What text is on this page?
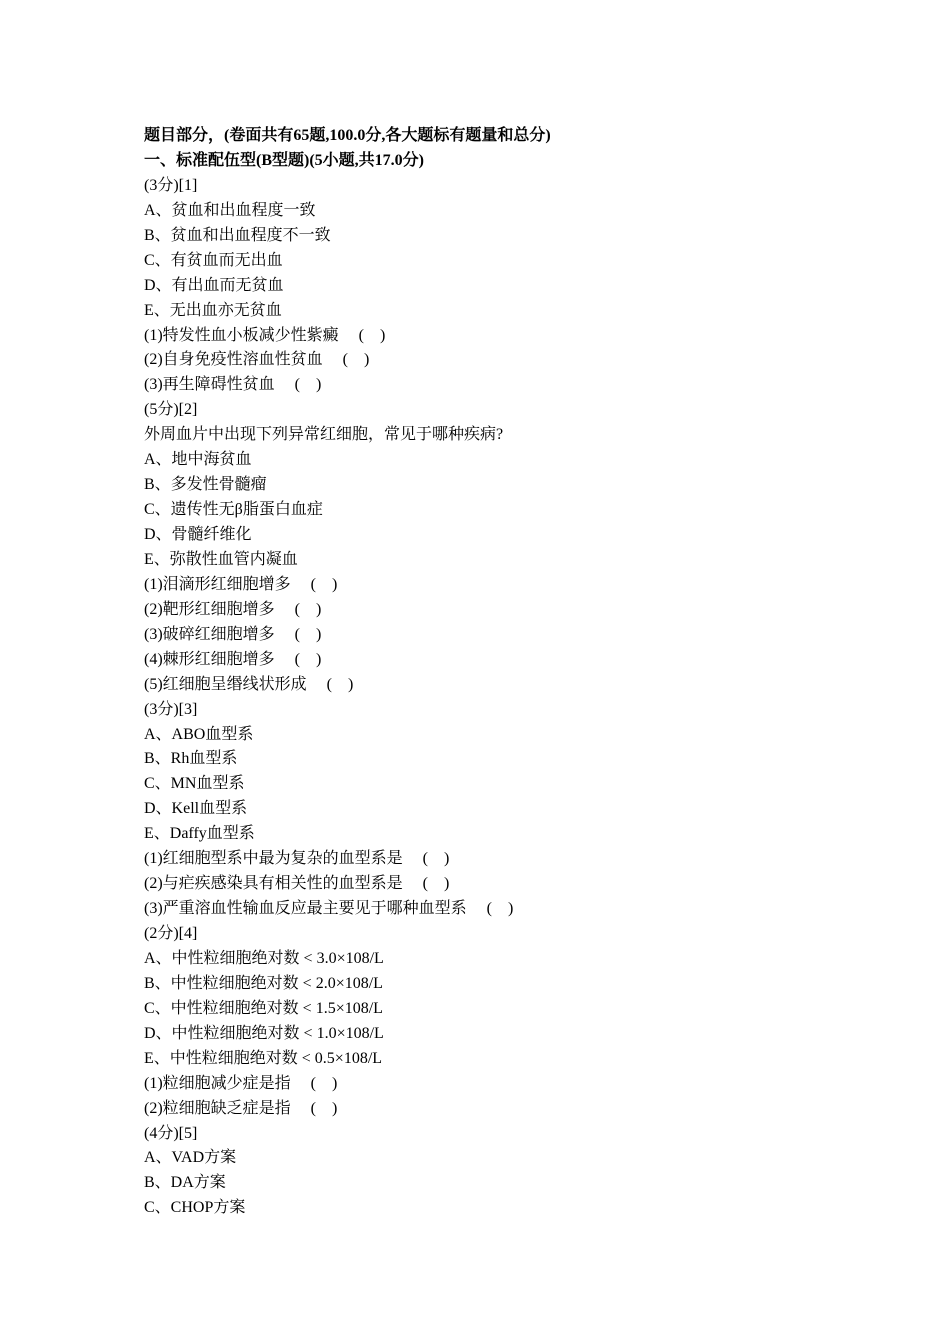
题目部分，(卷面共有65题,100.0分,各大题标有题量和总分)
一、标准配伍型(B型题)(5小题,共17.0分)
(3分)[1]
A、贫血和出血程度一致
B、贫血和出血程度不一致
C、有贫血而无出血
D、有出血而无贫血
E、无出血亦无贫血
(1)特发性血小板减少性紫癜　 (　)
(2)自身免疫性溶血性贫血　 (　)
(3)再生障碍性贫血　 (　)
(5分)[2]
外周血片中出现下列异常红细胞，常见于哪种疾病?
A、地中海贫血
B、多发性骨髓瘤
C、遗传性无β脂蛋白血症
D、骨髓纤维化
E、弥散性血管内凝血
(1)泪滴形红细胞增多　 (　)
(2)靶形红细胞增多　 (　)
(3)破碎红细胞增多　 (　)
(4)棘形红细胞增多　 (　)
(5)红细胞呈缗线状形成　 (　)
(3分)[3]
A、ABO血型系
B、Rh血型系
C、MN血型系
D、Kell血型系
E、Daffy血型系
(1)红细胞型系中最为复杂的血型系是　 (　)
(2)与疟疾感染具有相关性的血型系是　 (　)
(3)严重溶血性输血反应最主要见于哪种血型系　 (　)
(2分)[4]
A、中性粒细胞绝对数 < 3.0×108/L
B、中性粒细胞绝对数 < 2.0×108/L
C、中性粒细胞绝对数 < 1.5×108/L
D、中性粒细胞绝对数 < 1.0×108/L
E、中性粒细胞绝对数 < 0.5×108/L
(1)粒细胞减少症是指　 (　)
(2)粒细胞缺乏症是指　 (　)
(4分)[5]
A、VAD方案
B、DA方案
C、CHOP方案
